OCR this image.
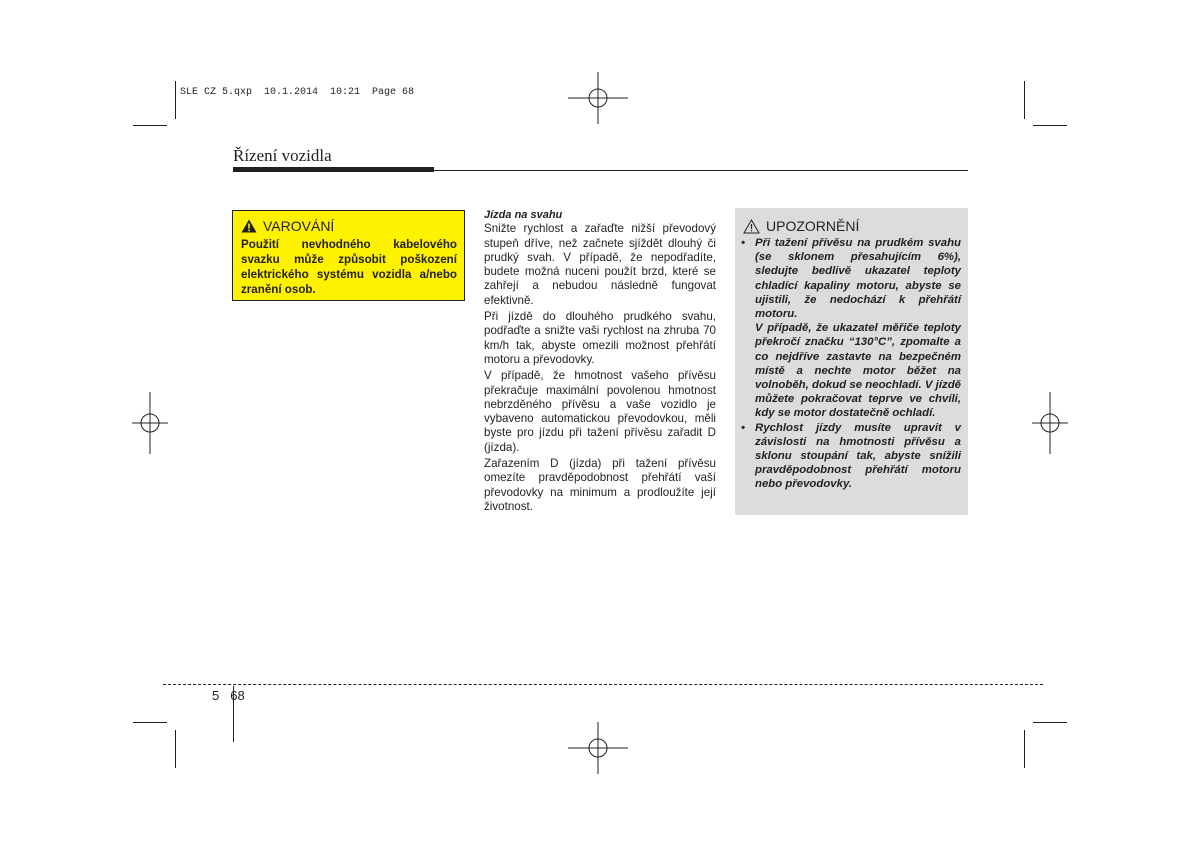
SLE CZ 5.qxp  10.1.2014  10:21  Page 68
Řízení vozidla
VAROVÁNÍ
Použití nevhodného kabelového svazku může způsobit poškození elektrického systému vozidla a/nebo zranění osob.
Jízda na svahu

Snižte rychlost a zařaďte nižší převodový stupeň dříve, než začnete sjíždět dlouhý či prudký svah. V případě, že nepodřadíte, budete možná nuceni použít brzd, které se zahřejí a nebudou následně fungovat efektivně.

Při jízdě do dlouhého prudkého svahu, podřaďte a snižte vaši rychlost na zhruba 70 km/h tak, abyste omezili možnost přehřátí motoru a převodovky.

V případě, že hmotnost vašeho přívěsu překračuje maximální povolenou hmotnost nebrzděného přívěsu a vaše vozidlo je vybaveno automatickou převodovkou, měli byste pro jízdu při tažení přívěsu zařadit D (jízda).

Zařazením D (jízda) při tažení přívěsu omezíte pravděpodobnost přehřátí vaší převodovky na minimum a prodloužíte její životnost.

UPOZORNĚNÍ
• Při tažení přívěsu na prudkém svahu (se sklonem přesahujícím 6%), sledujte bedlivě ukazatel teploty chladící kapaliny motoru, abyste se ujistili, že nedochází k přehřátí motoru.
V případě, že ukazatel měřiče teploty překročí značku “130°C”, zpomalte a co nejdříve zastavte na bezpečném místě a nechte motor běžet na volnoběh, dokud se neochladí. V jízdě můžete pokračovat teprve ve chvíli, kdy se motor dostatečně ochladí.
• Rychlost jízdy musíte upravit v závislosti na hmotnosti přívěsu a sklonu stoupání tak, abyste snížili pravděpodobnost přehřátí motoru nebo převodovky.
5 68
